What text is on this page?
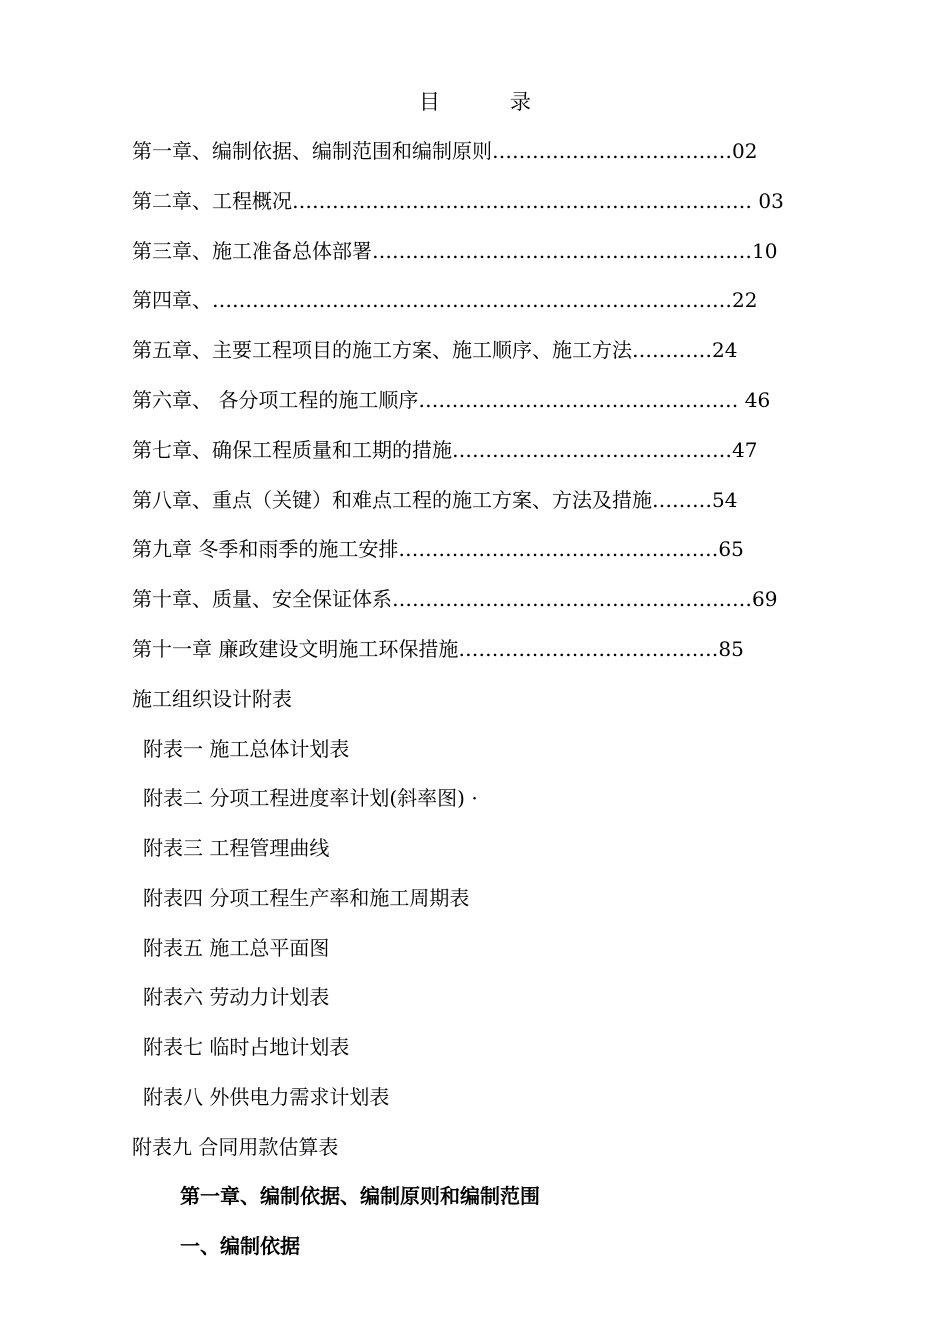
目	录
第一章、编制依据、编制范围和编制原则………………………………02
第二章、工程概况…………………………………………………………… 03
第三章、施工准备总体部署…………………………………………………10
第四章、……………………………………………………………………22
第五章、主要工程项目的施工方案、施工顺序、施工方法…………24
第六章、 各分项工程的施工顺序………………………………………… 46
第七章、确保工程质量和工期的措施……………………………………47
第八章、重点（关键）和难点工程的施工方案、方法及措施………54
第九章 冬季和雨季的施工安排…………………………………………65
第十章、质量、安全保证体系………………………………………………69
第十一章 廉政建设文明施工环保措施…………………………………85
施工组织设计附表
附表一 施工总体计划表
附表二 分项工程进度率计划(斜率图) ·
附表三 工程管理曲线
附表四 分项工程生产率和施工周期表
附表五 施工总平面图
附表六 劳动力计划表
附表七 临时占地计划表
附表八 外供电力需求计划表
附表九 合同用款估算表
第一章、编制依据、编制原则和编制范围
一、编制依据
